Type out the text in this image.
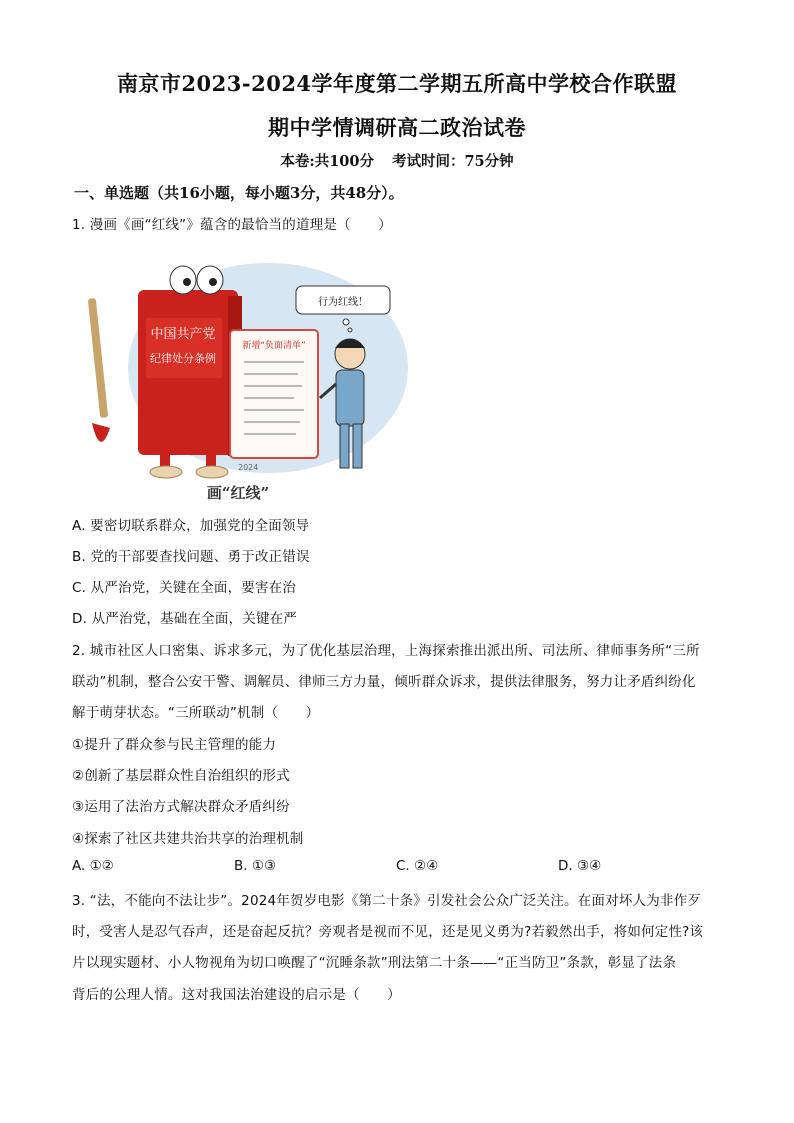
南京市2023-2024学年度第二学期五所高中学校合作联盟
期中学情调研高二政治试卷
本卷:共100分 考试时间：75分钟
一、单选题（共16小题，每小题3分，共48分）。
1. 漫画《画“红线”》蕴含的最恰当的道理是（　　）
中国共产党
纪律处分条例
新增“负面清单”
2024
行为红线！
画“红线”
A. 要密切联系群众，加强党的全面领导
B. 党的干部要查找问题、勇于改正错误
C. 从严治党，关键在全面，要害在治
D. 从严治党，基础在全面，关键在严
2. 城市社区人口密集、诉求多元，为了优化基层治理，上海探索推出派出所、司法所、律师事务所“三所
联动”机制，整合公安干警、调解员、律师三方力量，倾听群众诉求，提供法律服务，努力让矛盾纠纷化
解于萌芽状态。“三所联动”机制（　　）
①提升了群众参与民主管理的能力
②创新了基层群众性自治组织的形式
③运用了法治方式解决群众矛盾纠纷
④探索了社区共建共治共享的治理机制
A. ①②	B. ①③	C. ②④	D. ③④
3. “法，不能向不法让步”。2024年贺岁电影《第二十条》引发社会公众广泛关注。在面对坏人为非作歹
时，受害人是忍气吞声，还是奋起反抗？旁观者是视而不见，还是见义勇为?若毅然出手，将如何定性?该
片以现实题材、小人物视角为切口唤醒了“沉睡条款”刑法第二十条——“正当防卫”条款，彰显了法条
背后的公理人情。这对我国法治建设的启示是（　　）
